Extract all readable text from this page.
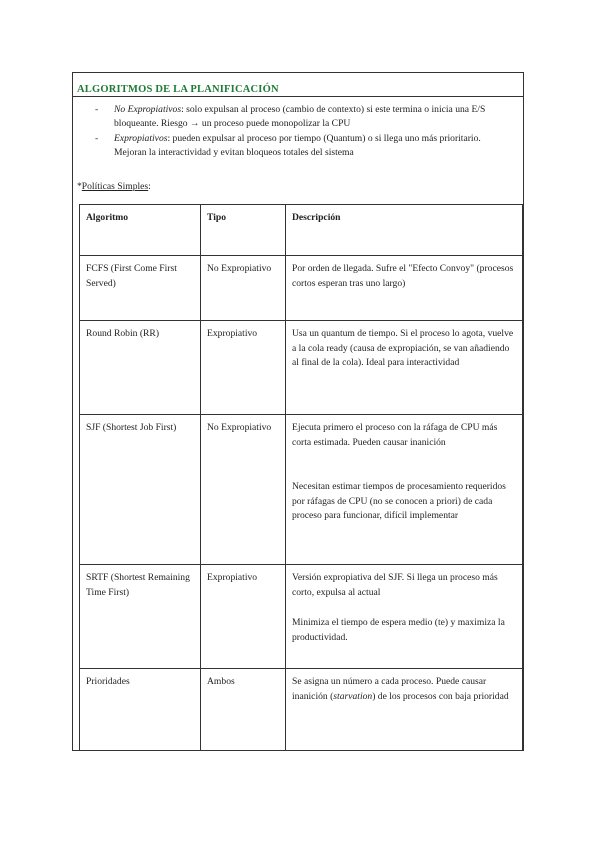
ALGORITMOS DE LA PLANIFICACIÓN
- No Expropiativos: solo expulsan al proceso (cambio de contexto) si este termina o inicia una E/S bloqueante. Riesgo → un proceso puede monopolizar la CPU
- Expropiativos: pueden expulsar al proceso por tiempo (Quantum) o si llega uno más prioritario. Mejoran la interactividad y evitan bloqueos totales del sistema
*Políticas Simples:
Algoritmo	Tipo	Descripción
FCFS (First Come First Served)	No Expropiativo	Por orden de llegada. Sufre el "Efecto Convoy" (procesos cortos esperan tras uno largo)

Round Robin (RR)	Expropiativo	Usa un quantum de tiempo. Si el proceso lo agota, vuelve a la cola ready (causa de expropiación, se van añadiendo al final de la cola). Ideal para interactividad

SJF (Shortest Job First)	No Expropiativo	Ejecuta primero el proceso con la ráfaga de CPU más corta estimada. Pueden causar inanición
Necesitan estimar tiempos de procesamiento requeridos por ráfagas de CPU (no se conocen a priori) de cada proceso para funcionar, difícil implementar

SRTF (Shortest Remaining Time First)	Expropiativo	Versión expropiativa del SJF. Si llega un proceso más corto, expulsa al actual
Minimiza el tiempo de espera medio (te) y maximiza la productividad.

Prioridades	Ambos	Se asigna un número a cada proceso. Puede causar inanición (starvation) de los procesos con baja prioridad
